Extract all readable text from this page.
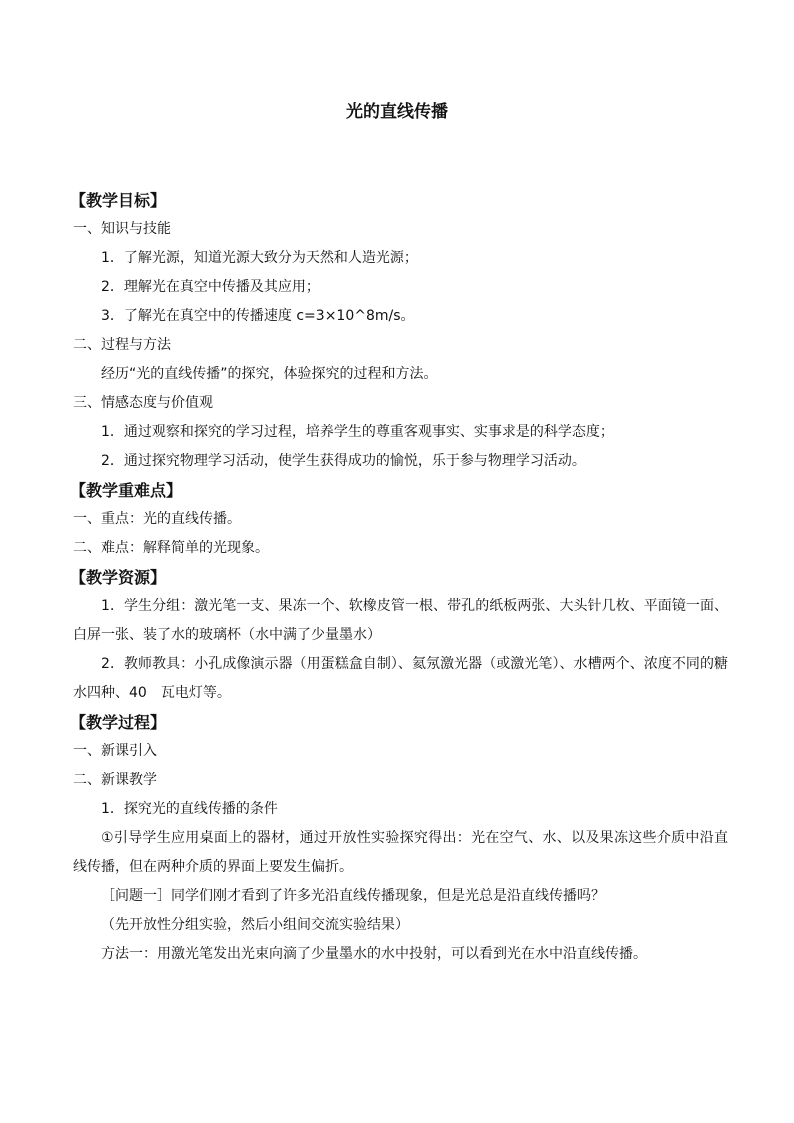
光的直线传播
【教学目标】
一、知识与技能
1．了解光源，知道光源大致分为天然和人造光源；
2．理解光在真空中传播及其应用；
3．了解光在真空中的传播速度 c=3×10^8m/s。
二、过程与方法
经历“光的直线传播”的探究，体验探究的过程和方法。
三、情感态度与价值观
1．通过观察和探究的学习过程，培养学生的尊重客观事实、实事求是的科学态度；
2．通过探究物理学习活动，使学生获得成功的愉悦，乐于参与物理学习活动。
【教学重难点】
一、重点：光的直线传播。
二、难点：解释简单的光现象。
【教学资源】
1．学生分组：激光笔一支、果冻一个、软橡皮管一根、带孔的纸板两张、大头针几枚、平面镜一面、白屏一张、装了水的玻璃杯（水中满了少量墨水）
2．教师教具：小孔成像演示器（用蛋糕盒自制）、氦氖激光器（或激光笔）、水槽两个、浓度不同的糖水四种、40　瓦电灯等。
【教学过程】
一、新课引入
二、新课教学
1．探究光的直线传播的条件
①引导学生应用桌面上的器材，通过开放性实验探究得出：光在空气、水、以及果冻这些介质中沿直线传播，但在两种介质的界面上要发生偏折。
［问题一］同学们刚才看到了许多光沿直线传播现象，但是光总是沿直线传播吗？
（先开放性分组实验，然后小组间交流实验结果）
方法一：用激光笔发出光束向滴了少量墨水的水中投射，可以看到光在水中沿直线传播。
